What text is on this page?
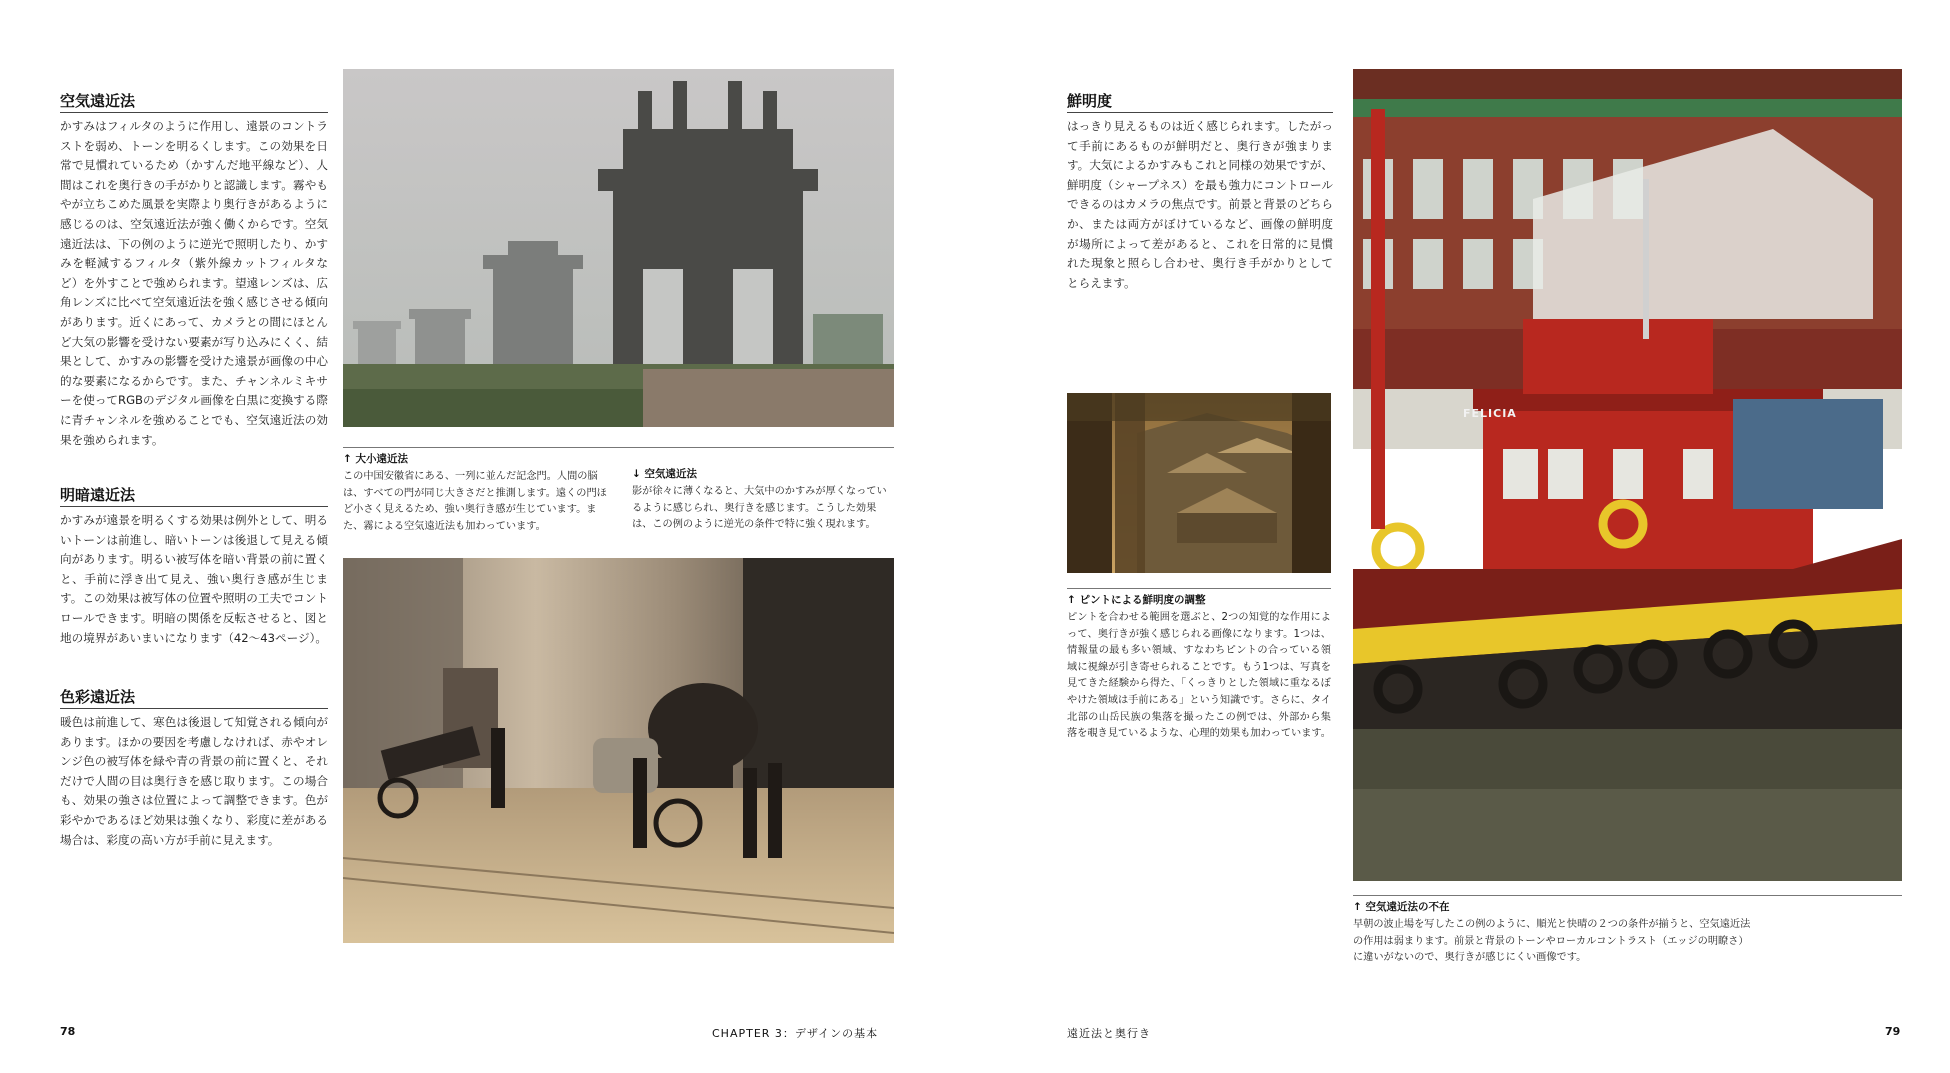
空気遠近法

かすみはフィルタのように作用し、遠景のコントラストを弱め、トーンを明るくします。この効果を日常で見慣れているため（かすんだ地平線など）、人間はこれを奥行きの手がかりと認識します。霧やもやが立ちこめた風景を実際より奥行きがあるように感じるのは、空気遠近法が強く働くからです。空気遠近法は、下の例のように逆光で照明したり、かすみを軽減するフィルタ（紫外線カットフィルタなど）を外すことで強められます。望遠レンズは、広角レンズに比べて空気遠近法を強く感じさせる傾向があります。近くにあって、カメラとの間にほとんど大気の影響を受けない要素が写り込みにくく、結果として、かすみの影響を受けた遠景が画像の中心的な要素になるからです。また、チャンネルミキサーを使ってRGBのデジタル画像を白黒に変換する際に青チャンネルを強めることでも、空気遠近法の効果を強められます。

明暗遠近法

かすみが遠景を明るくする効果は例外として、明るいトーンは前進し、暗いトーンは後退して見える傾向があります。明るい被写体を暗い背景の前に置くと、手前に浮き出て見え、強い奥行き感が生じます。この効果は被写体の位置や照明の工夫でコントロールできます。明暗の関係を反転させると、図と地の境界があいまいになります（42〜43ページ）。

色彩遠近法

暖色は前進して、寒色は後退して知覚される傾向があります。ほかの要因を考慮しなければ、赤やオレンジ色の被写体を緑や青の背景の前に置くと、それだけで人間の目は奥行きを感じ取ります。この場合も、効果の強さは位置によって調整できます。色が彩やかであるほど効果は強くなり、彩度に差がある場合は、彩度の高い方が手前に見えます。

↑ 大小遠近法

この中国安徽省にある、一列に並んだ記念門。人間の脳は、すべての門が同じ大きさだと推測します。遠くの門ほど小さく見えるため、強い奥行き感が生じています。また、霧による空気遠近法も加わっています。

↓ 空気遠近法

影が徐々に薄くなると、大気中のかすみが厚くなっているように感じられ、奥行きを感じます。こうした効果は、この例のように逆光の条件で特に強く現れます。

78	CHAPTER 3：デザインの基本
鮮明度

はっきり見えるものは近く感じられます。したがって手前にあるものが鮮明だと、奥行きが強まります。大気によるかすみもこれと同様の効果ですが、鮮明度（シャープネス）を最も強力にコントロールできるのはカメラの焦点です。前景と背景のどちらか、または両方がぼけているなど、画像の鮮明度が場所によって差があると、これを日常的に見慣れた現象と照らし合わせ、奥行き手がかりとしてとらえます。

↑ ピントによる鮮明度の調整

ピントを合わせる範囲を選ぶと、2つの知覚的な作用によって、奥行きが強く感じられる画像になります。1つは、情報量の最も多い領域、すなわちピントの合っている領域に視線が引き寄せられることです。もう1つは、写真を見てきた経験から得た、「くっきりとした領域に重なるぼやけた領域は手前にある」という知識です。さらに、タイ北部の山岳民族の集落を撮ったこの例では、外部から集落を覗き見ているような、心理的効果も加わっています。

FELICIA

↑ 空気遠近法の不在

早朝の波止場を写したこの例のように、順光と快晴の２つの条件が揃うと、空気遠近法の作用は弱まります。前景と背景のトーンやローカルコントラスト（エッジの明瞭さ）に違いがないので、奥行きが感じにくい画像です。

遠近法と奥行き	79
